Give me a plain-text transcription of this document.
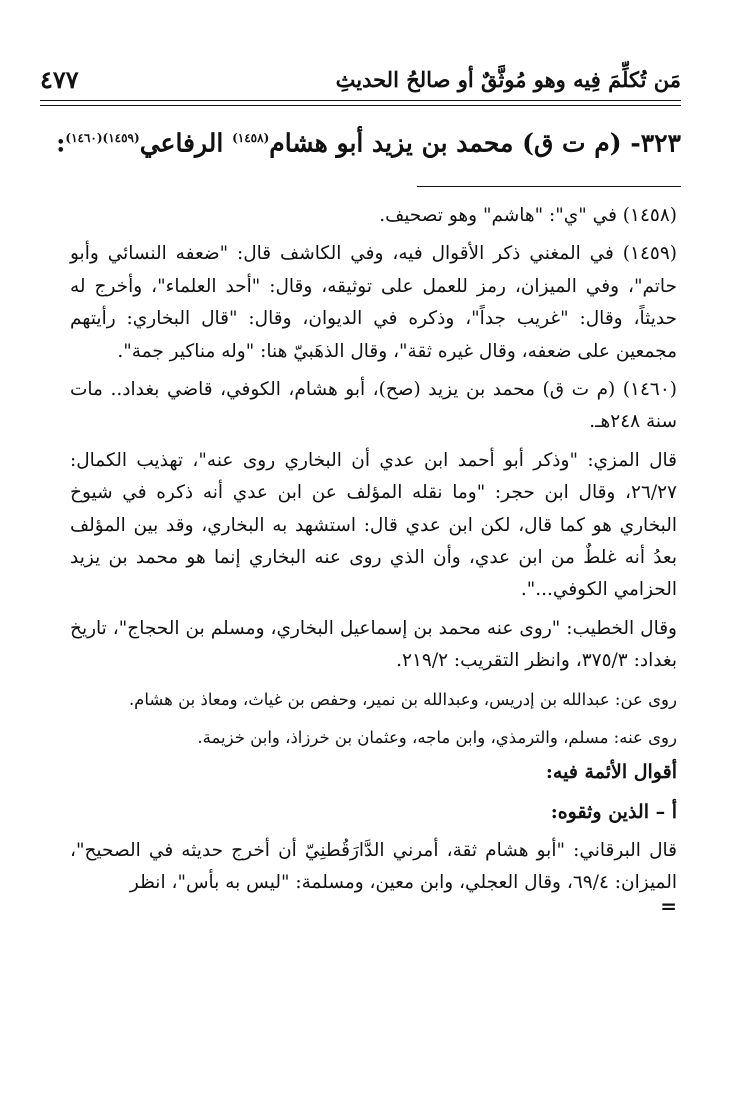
مَن تُكلِّمَ فِيه وهو مُوثَّقٌ أو صالحُ الحديثِ
٤٧٧
٣٢٣- (م ت ق) محمد بن يزيد أبو هشام$^{(١٤٥٨)}$ الرفاعي$^{(١٤٥٩)(١٤٦٠)}$:

(١٤٥٨) في "ي": "هاشم" وهو تصحيف.

(١٤٥٩) في المغني ذكر الأقوال فيه، وفي الكاشف قال: "ضعفه النسائي وأبو حاتم"، وفي الميزان، رمز للعمل على توثيقه، وقال: "أحد العلماء"، وأخرج له حديثاً، وقال: "غريب جداً"، وذكره في الديوان، وقال: "قال البخاري: رأيتهم مجمعين على ضعفه، وقال غيره ثقة"، وقال الذهَبيّ هنا: "وله مناكير جمة".

(١٤٦٠) (م ت ق) محمد بن يزيد (صح)، أبو هشام، الكوفي، قاضي بغداد.. مات سنة ٢٤٨هـ.

قال المزي: "وذكر أبو أحمد ابن عدي أن البخاري روى عنه"، تهذيب الكمال: ٢٦/٢٧، وقال ابن حجر: "وما نقله المؤلف عن ابن عدي أنه ذكره في شيوخ البخاري هو كما قال، لكن ابن عدي قال: استشهد به البخاري، وقد بين المؤلف بعدُ أنه غلطٌ من ابن عدي، وأن الذي روى عنه البخاري إنما هو محمد بن يزيد الحزامي الكوفي...".

وقال الخطيب: "روى عنه محمد بن إسماعيل البخاري، ومسلم بن الحجاج"، تاريخ بغداد: ٣٧٥/٣، وانظر التقريب: ٢١٩/٢.

روى عن: عبدالله بن إدريس، وعبدالله بن نمير، وحفص بن غياث، ومعاذ بن هشام.

روى عنه: مسلم، والترمذي، وابن ماجه، وعثمان بن خرزاذ، وابن خزيمة.

أقوال الأئمة فيه:
أ – الذين وثقوه:

قال البرقاني: "أبو هشام ثقة، أمرني الدَّارَقُطنِيّ أن أخرج حديثه في الصحيح"، الميزان: ٦٩/٤، وقال العجلي، وابن معين، ومسلمة: "ليس به بأس"، انظر

=
